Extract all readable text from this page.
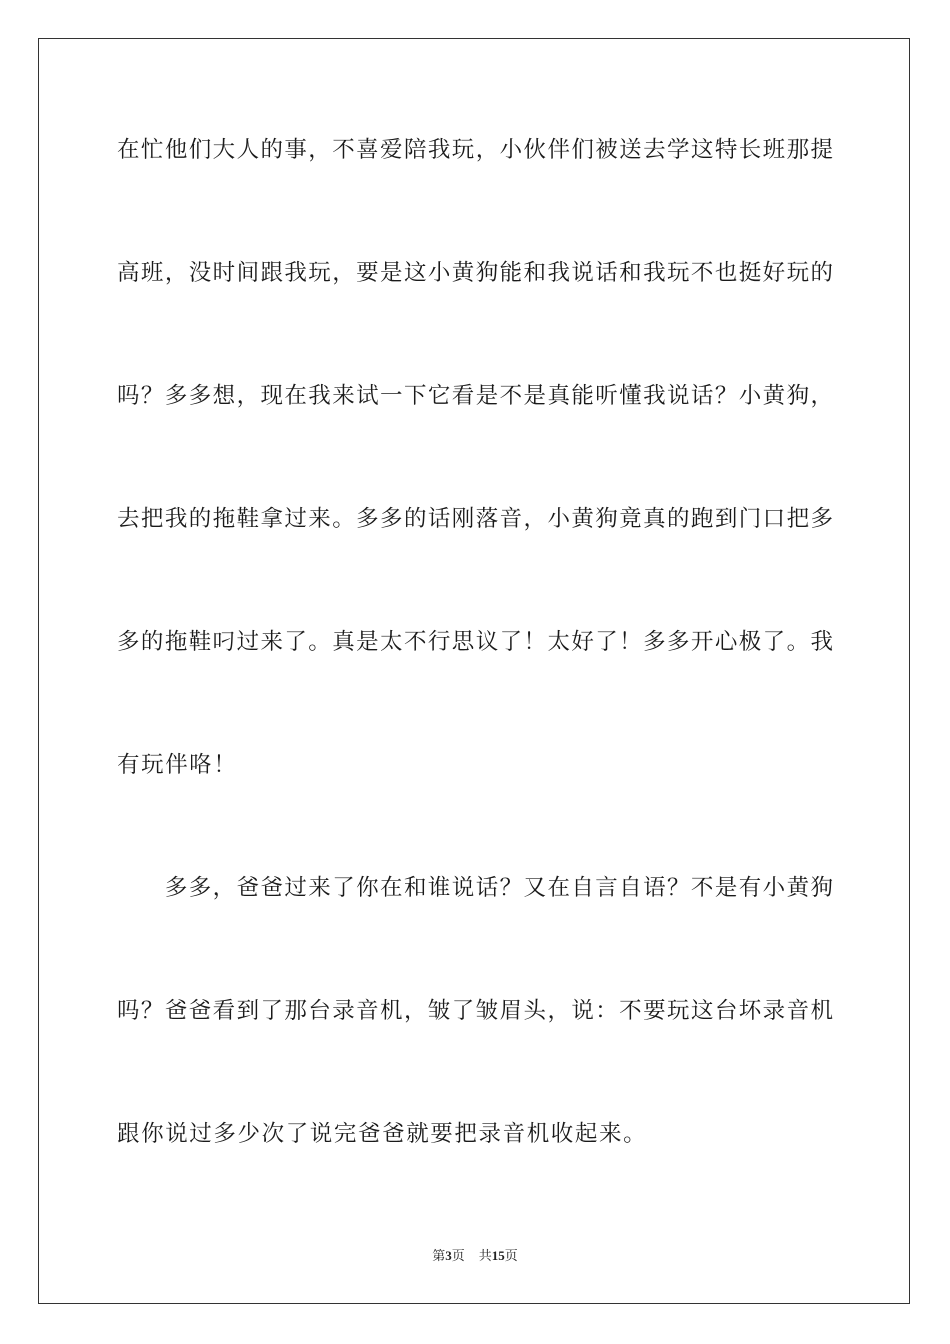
在忙他们大人的事，不喜爱陪我玩，小伙伴们被送去学这特长班那提
高班，没时间跟我玩，要是这小黄狗能和我说话和我玩不也挺好玩的
吗？多多想，现在我来试一下它看是不是真能听懂我说话？小黄狗，
去把我的拖鞋拿过来。多多的话刚落音，小黄狗竟真的跑到门口把多
多的拖鞋叼过来了。真是太不行思议了！太好了！多多开心极了。我
有玩伴咯！
　　多多，爸爸过来了你在和谁说话？又在自言自语？不是有小黄狗
吗？爸爸看到了那台录音机，皱了皱眉头，说：不要玩这台坏录音机
跟你说过多少次了说完爸爸就要把录音机收起来。
第3页 共15页
